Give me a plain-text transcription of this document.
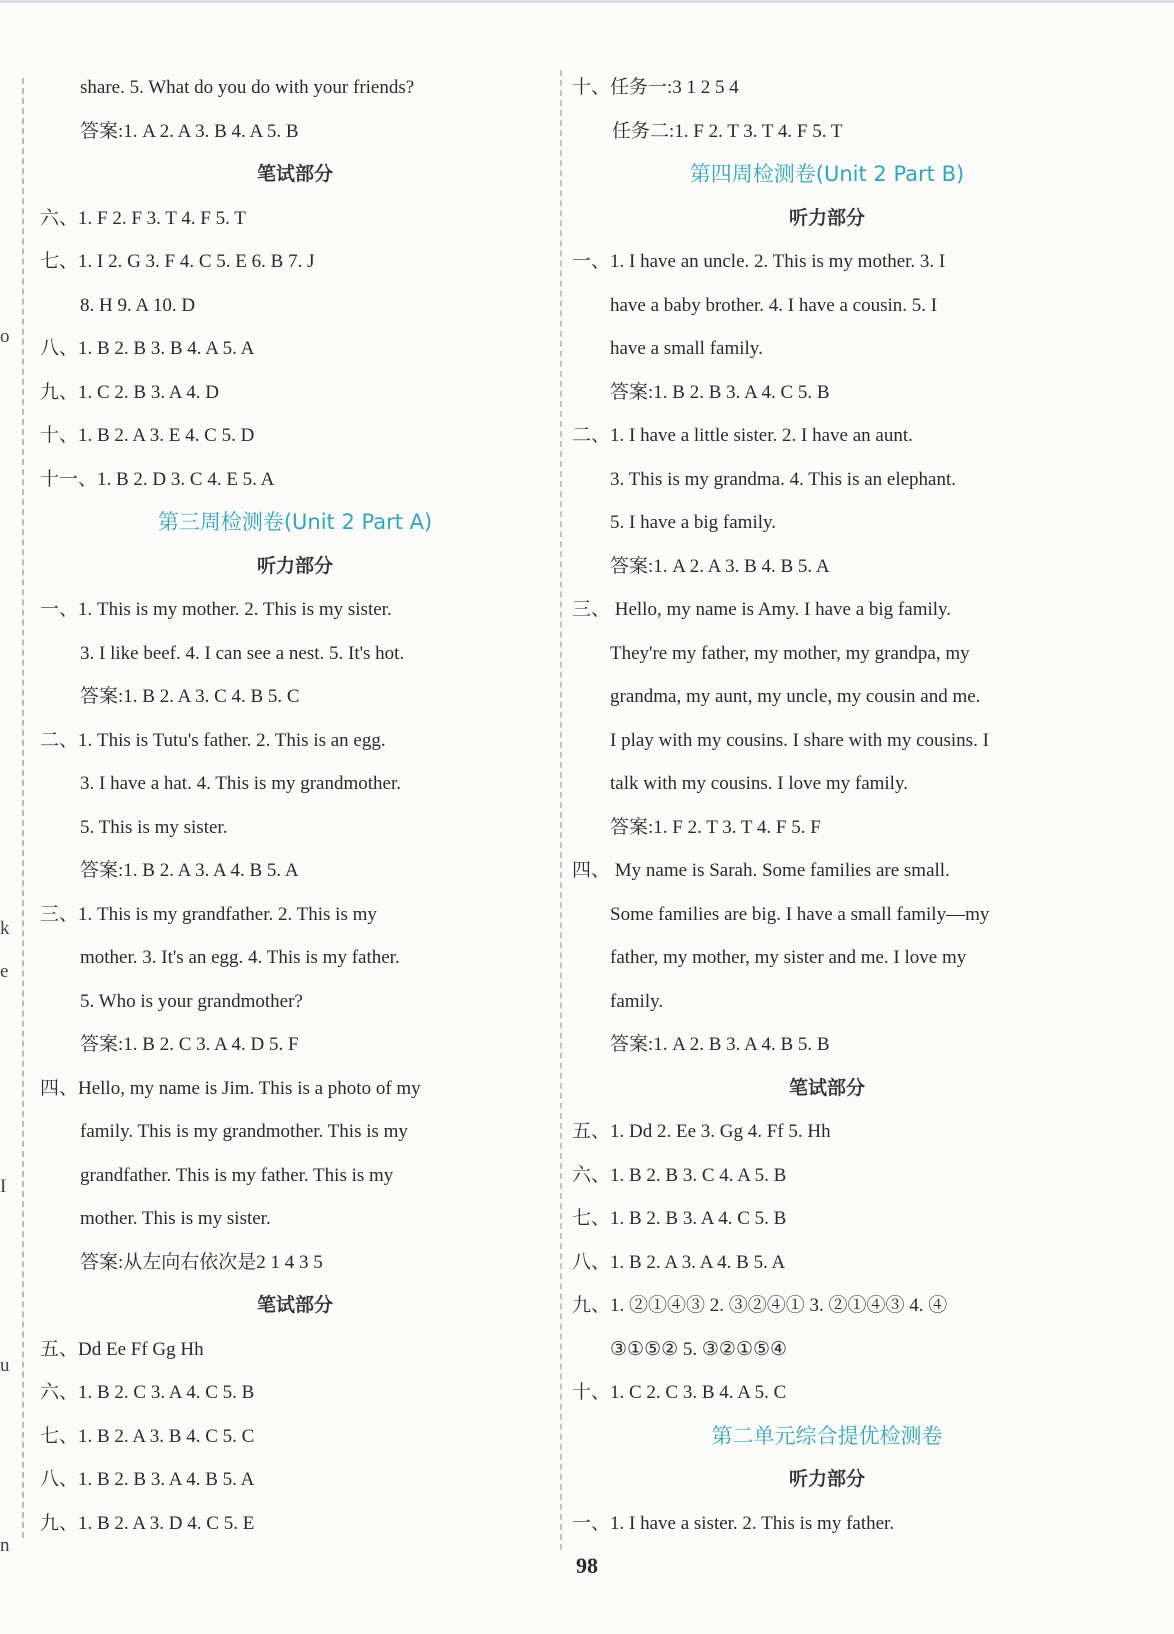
o
k
e
I
u
n
share. 5. What do you do with your friends?
答案:1. A 2. A 3. B 4. A 5. B
笔试部分
六、1. F 2. F 3. T 4. F 5. T
七、1. I 2. G 3. F 4. C 5. E 6. B 7. J
8. H 9. A 10. D
八、1. B 2. B 3. B 4. A 5. A
九、1. C 2. B 3. A 4. D
十、1. B 2. A 3. E 4. C 5. D
十一、1. B 2. D 3. C 4. E 5. A
第三周检测卷(Unit 2 Part A)
听力部分
一、1. This is my mother. 2. This is my sister.
3. I like beef. 4. I can see a nest. 5. It's hot.
答案:1. B 2. A 3. C 4. B 5. C
二、1. This is Tutu's father. 2. This is an egg.
3. I have a hat. 4. This is my grandmother.
5. This is my sister.
答案:1. B 2. A 3. A 4. B 5. A
三、1. This is my grandfather. 2. This is my
mother. 3. It's an egg. 4. This is my father.
5. Who is your grandmother?
答案:1. B 2. C 3. A 4. D 5. F
四、Hello, my name is Jim. This is a photo of my
family. This is my grandmother. This is my
grandfather. This is my father. This is my
mother. This is my sister.
答案:从左向右依次是2 1 4 3 5
笔试部分
五、Dd Ee Ff Gg Hh
六、1. B 2. C 3. A 4. C 5. B
七、1. B 2. A 3. B 4. C 5. C
八、1. B 2. B 3. A 4. B 5. A
九、1. B 2. A 3. D 4. C 5. E
十、任务一:3 1 2 5 4
任务二:1. F 2. T 3. T 4. F 5. T
第四周检测卷(Unit 2 Part B)
听力部分
一、1. I have an uncle. 2. This is my mother. 3. I
have a baby brother. 4. I have a cousin. 5. I
have a small family.
答案:1. B 2. B 3. A 4. C 5. B
二、1. I have a little sister. 2. I have an aunt.
3. This is my grandma. 4. This is an elephant.
5. I have a big family.
答案:1. A 2. A 3. B 4. B 5. A
三、 Hello, my name is Amy. I have a big family.
They're my father, my mother, my grandpa, my
grandma, my aunt, my uncle, my cousin and me.
I play with my cousins. I share with my cousins. I
talk with my cousins. I love my family.
答案:1. F 2. T 3. T 4. F 5. F
四、 My name is Sarah. Some families are small.
Some families are big. I have a small family—my
father, my mother, my sister and me. I love my
family.
答案:1. A 2. B 3. A 4. B 5. B
笔试部分
五、1. Dd 2. Ee 3. Gg 4. Ff 5. Hh
六、1. B 2. B 3. C 4. A 5. B
七、1. B 2. B 3. A 4. C 5. B
八、1. B 2. A 3. A 4. B 5. A
九、1. ②①④③ 2. ③②④① 3. ②①④③ 4. ④
③①⑤② 5. ③②①⑤④
十、1. C 2. C 3. B 4. A 5. C
第二单元综合提优检测卷
听力部分
一、1. I have a sister. 2. This is my father.
98
